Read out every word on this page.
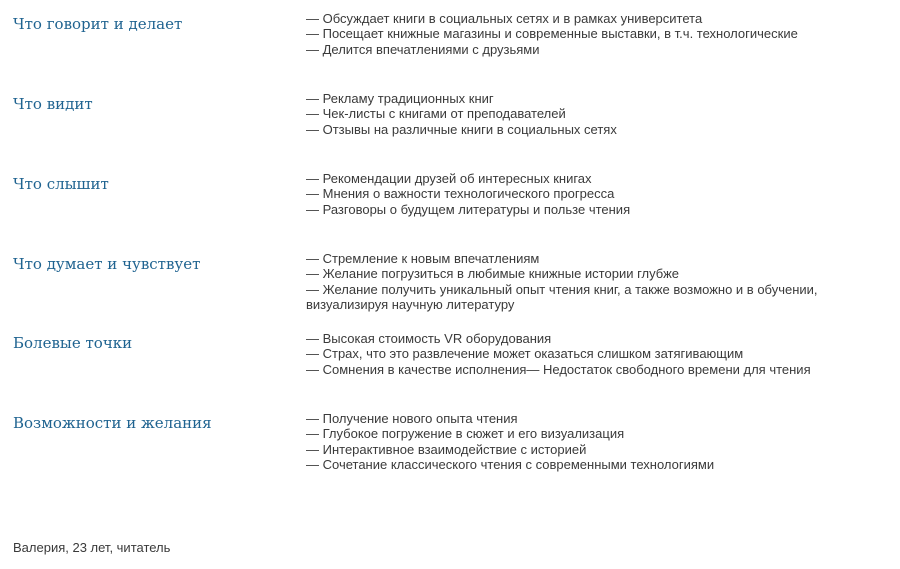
Что говорит и делает	— Обсуждает книги в социальных сетях и в рамках университета
— Посещает книжные магазины и современные выставки, в т.ч. технологические
— Делится впечатлениями с друзьями
Что видит	— Рекламу традиционных книг
— Чек-листы с книгами от преподавателей
— Отзывы на различные книги в социальных сетях
Что слышит	— Рекомендации друзей об интересных книгах
— Мнения о важности технологического прогресса
— Разговоры о будущем литературы и пользе чтения
Что думает и чувствует	— Стремление к новым впечатлениям
— Желание погрузиться в любимые книжные истории глубже
— Желание получить уникальный опыт чтения книг, а также возможно и в обучении, визуализируя научную литературу
Болевые точки	— Высокая стоимость VR оборудования
— Страх, что это развлечение может оказаться слишком затягивающим
— Сомнения в качестве исполнения— Недостаток свободного времени для чтения
Возможности и желания	— Получение нового опыта чтения
— Глубокое погружение в сюжет и его визуализация
— Интерактивное взаимодействие с историей
— Сочетание классического чтения с современными технологиями

Валерия, 23 лет, читатель
